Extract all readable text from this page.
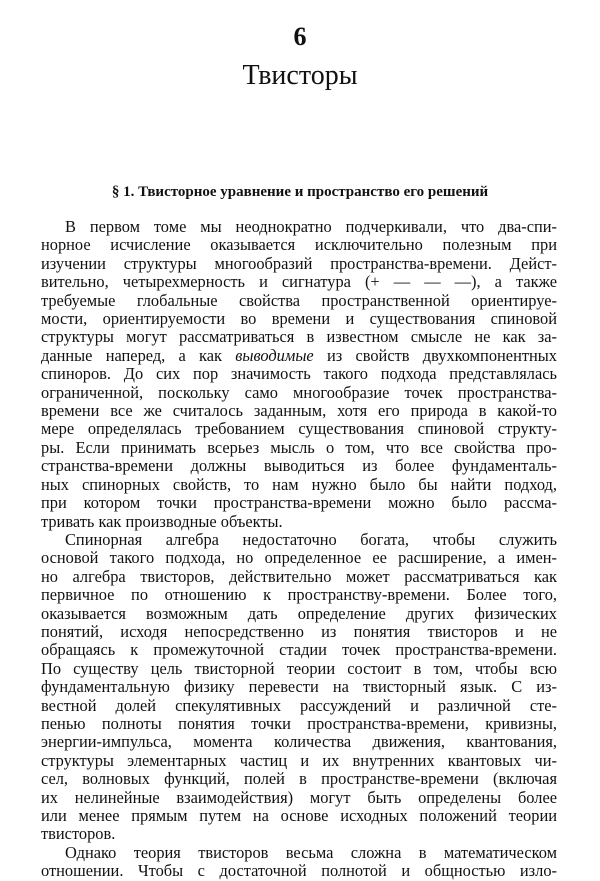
6
Твисторы
§ 1. Твисторное уравнение и пространство его решений
В первом томе мы неоднократно подчеркивали, что два-спи-
норное исчисление оказывается исключительно полезным при
изучении структуры многообразий пространства-времени. Дейст-
вительно, четырехмерность и сигнатура (+ — — —), а также
требуемые глобальные свойства пространственной ориентируе-
мости, ориентируемости во времени и существования спиновой
структуры могут рассматриваться в известном смысле не как за-
данные наперед, а как выводимые из свойств двухкомпонентных
спиноров. До сих пор значимость такого подхода представлялась
ограниченной, поскольку само многообразие точек пространства-
времени все же считалось заданным, хотя его природа в какой-то
мере определялась требованием существования спиновой структу-
ры. Если принимать всерьез мысль о том, что все свойства про-
странства-времени должны выводиться из более фундаменталь-
ных спинорных свойств, то нам нужно было бы найти подход,
при котором точки пространства-времени можно было рассма-
тривать как производные объекты.
Спинорная алгебра недостаточно богата, чтобы служить
основой такого подхода, но определенное ее расширение, а имен-
но алгебра твисторов, действительно может рассматриваться как
первичное по отношению к пространству-времени. Более того,
оказывается возможным дать определение других физических
понятий, исходя непосредственно из понятия твисторов и не
обращаясь к промежуточной стадии точек пространства-времени.
По существу цель твисторной теории состоит в том, чтобы всю
фундаментальную физику перевести на твисторный язык. С из-
вестной долей спекулятивных рассуждений и различной сте-
пенью полноты понятия точки пространства-времени, кривизны,
энергии-импульса, момента количества движения, квантования,
структуры элементарных частиц и их внутренних квантовых чи-
сел, волновых функций, полей в пространстве-времени (включая
их нелинейные взаимодействия) могут быть определены более
или менее прямым путем на основе исходных положений теории
твисторов.
Однако теория твисторов весьма сложна в математическом
отношении. Чтобы с достаточной полнотой и общностью изло-
